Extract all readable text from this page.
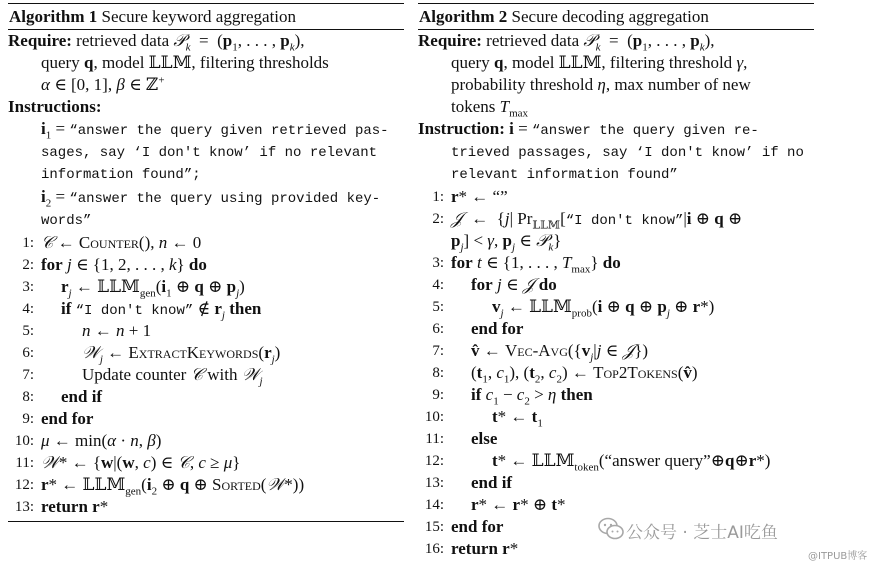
Algorithm 1 Secure keyword aggregation
Require: retrieved data 𝒫$_k$  =  ($p_1$, . . . , $p_k$),
query q, model 𝕃𝕃𝕄, filtering thresholds
α ∈ [0, 1], β ∈ ℤ+
Instructions:
$i_1$ = “answer the query given retrieved pas-
sages, say ‘I don't know’ if no relevant
information found”;
$i_2$ = “answer the query using provided key-
words”
1: 𝒞 ← Counter(), n ← 0
2: for j ∈ {1, 2, . . . , k} do
3: $r_j$ ← $𝕃𝕃𝕄_{gen}(i_1$ ⊕ q ⊕ $p_j$)
4: if “I don't know” ∉ $r_j$ then
5:	n ← n + 1
6:	𝒲$_j$ ← $ExtractKeywords(r_j)$
7:	Update counter 𝒞 with 𝒲$_j$
8: end if
9: end for
10: μ ← min(α · n, β)
11: 𝒲* ← {w|(w, c) ∈ 𝒞, c ≥ μ}
12: r* ← $𝕃𝕃𝕄_{gen}(i_2$ ⊕ q ⊕ Sorted(𝒲*))
13: return r*
Algorithm 2 Secure decoding aggregation
Require: retrieved data 𝒫$_k$  =  ($p_1$, . . . , $p_k$),
query q, model 𝕃𝕃𝕄, filtering threshold γ,
probability threshold η, max number of new
tokens $T_{max}$
Instruction: i = “answer the query given re-
trieved passages, say ‘I don't know’ if no
relevant information found”
1: r* ← “”
2: 𝒥  ←  {j| $Pr_{𝕃𝕃𝕄}[“I$ don't know”|i ⊕ q ⊕
$p_j] < \gamma$, $p_j$ ∈ 𝒫$_k$}
3: for t ∈ {1, . . . , $T_{max}$} do
4: for j ∈ 𝒥 do
5:	$v_j$ ← 𝕃𝕃𝕄$_{prob}$(i ⊕ q ⊕ $p_j$ ⊕ r*)
6: end for
7: v̂ ← Vec-$Avg(\{v_j|j$ ∈ 𝒥})
8: ($t_1$, $c_1$), ($t_2$, $c_2$) ← Top2Tokens(v̂)
9: if $c_1 - c_2 > \eta$ then
10:	t* ← $t_1$
11: else
12:	t* ← 𝕃𝕃𝕄$_{token}$(“answer query”⊕q⊕r*)
13: end if
14: r* ← r* ⊕ t*
15: end for
16: return r*
公众号 · 芝士AI吃鱼
@ITPUB博客
